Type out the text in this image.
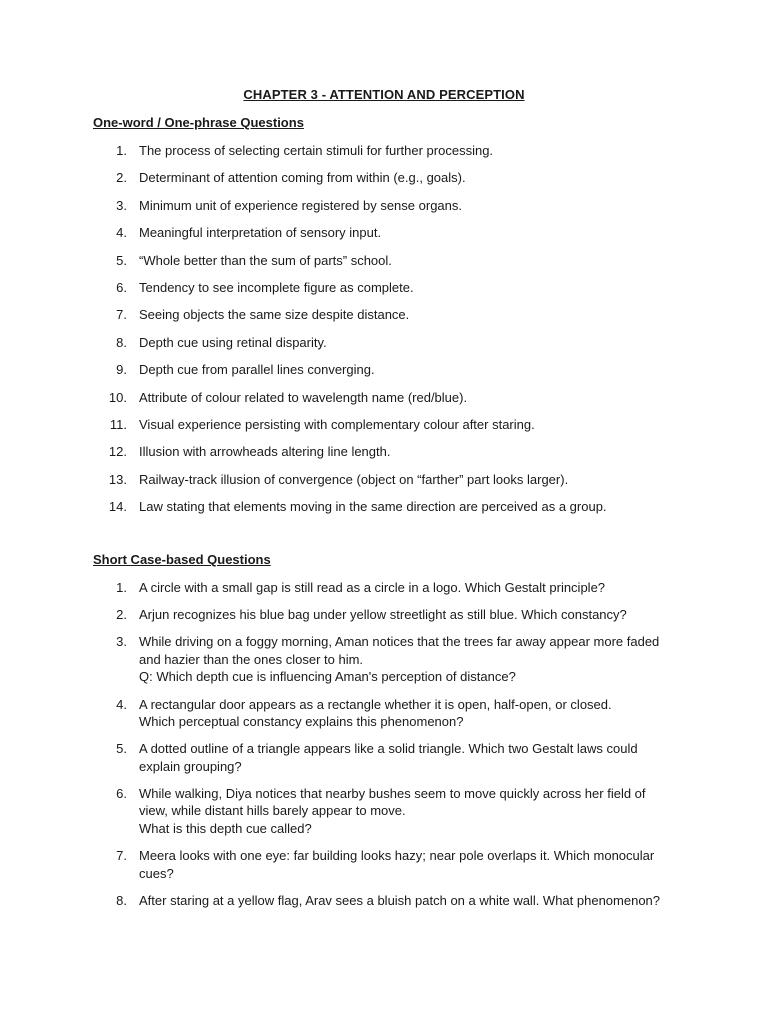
CHAPTER 3 - ATTENTION AND PERCEPTION
One-word / One-phrase Questions
1. The process of selecting certain stimuli for further processing.
2. Determinant of attention coming from within (e.g., goals).
3. Minimum unit of experience registered by sense organs.
4. Meaningful interpretation of sensory input.
5. “Whole better than the sum of parts” school.
6. Tendency to see incomplete figure as complete.
7. Seeing objects the same size despite distance.
8. Depth cue using retinal disparity.
9. Depth cue from parallel lines converging.
10. Attribute of colour related to wavelength name (red/blue).
11. Visual experience persisting with complementary colour after staring.
12. Illusion with arrowheads altering line length.
13. Railway-track illusion of convergence (object on “farther” part looks larger).
14. Law stating that elements moving in the same direction are perceived as a group.
Short Case-based Questions
1. A circle with a small gap is still read as a circle in a logo. Which Gestalt principle?
2. Arjun recognizes his blue bag under yellow streetlight as still blue. Which constancy?
3. While driving on a foggy morning, Aman notices that the trees far away appear more faded
and hazier than the ones closer to him.
Q: Which depth cue is influencing Aman's perception of distance?
4. A rectangular door appears as a rectangle whether it is open, half-open, or closed.
Which perceptual constancy explains this phenomenon?
5. A dotted outline of a triangle appears like a solid triangle. Which two Gestalt laws could
explain grouping?
6. While walking, Diya notices that nearby bushes seem to move quickly across her field of
view, while distant hills barely appear to move.
What is this depth cue called?
7. Meera looks with one eye: far building looks hazy; near pole overlaps it. Which monocular
cues?
8. After staring at a yellow flag, Arav sees a bluish patch on a white wall. What phenomenon?
